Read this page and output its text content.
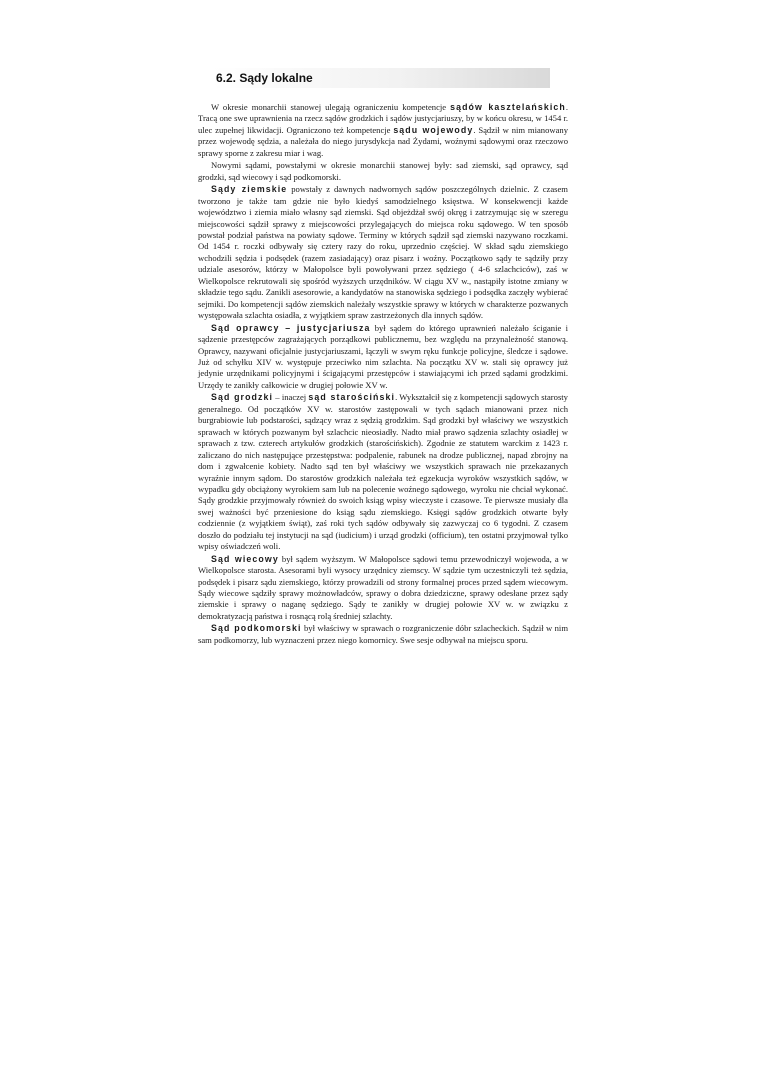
6.2. Sądy lokalne

W okresie monarchii stanowej ulegają ograniczeniu kompetencje sądów kasztelańskich. Tracą one swe uprawnienia na rzecz sądów grodzkich i sądów justycjariuszy, by w końcu okresu, w 1454 r. ulec zupełnej likwidacji. Ograniczono też kompetencje sądu wojewody. Sądził w nim mianowany przez wojewodę sędzia, a należała do niego jurysdykcja nad Żydami, woźnymi sądowymi oraz rzeczowo sprawy sporne z zakresu miar i wag.

Nowymi sądami, powstałymi w okresie monarchii stanowej były: sad ziemski, sąd oprawcy, sąd grodzki, sąd wiecowy i sąd podkomorski.

Sądy ziemskie powstały z dawnych nadwornych sądów poszczególnych dzielnic. Z czasem tworzono je także tam gdzie nie było kiedyś samodzielnego księstwa. W konsekwencji każde województwo i ziemia miało własny sąd ziemski. Sąd objeżdżał swój okręg i zatrzymując się w szeregu miejscowości sądził sprawy z miejscowości przylegających do miejsca roku sądowego. W ten sposób powstał podział państwa na powiaty sądowe. Terminy w których sądził sąd ziemski nazywano roczkami. Od 1454 r. roczki odbywały się cztery razy do roku, uprzednio częściej. W skład sądu ziemskiego wchodzili sędzia i podsędek (razem zasiadający) oraz pisarz i woźny. Początkowo sądy te sądziły przy udziale asesorów, którzy w Małopolsce byli powoływani przez sędziego ( 4-6 szlachciców), zaś w Wielkopolsce rekrutowali się spośród wyższych urzędników. W ciągu XV w., nastąpiły istotne zmiany w składzie tego sądu. Zanikli asesorowie, a kandydatów na stanowiska sędziego i podsędka zaczęły wybierać sejmiki. Do kompetencji sądów ziemskich należały wszystkie sprawy w których w charakterze pozwanych występowała szlachta osiadła, z wyjątkiem spraw zastrzeżonych dla innych sądów.

Sąd oprawcy – justycjariusza był sądem do którego uprawnień należało ściganie i sądzenie przestępców zagrażających porządkowi publicznemu, bez względu na przynależność stanową. Oprawcy, nazywani oficjalnie justycjariuszami, łączyli w swym ręku funkcje policyjne, śledcze i sądowe. Już od schyłku XIV w. występuje przeciwko nim szlachta. Na początku XV w. stali się oprawcy już jedynie urzędnikami policyjnymi i ścigającymi przestępców i stawiającymi ich przed sądami grodzkimi. Urzędy te zanikły całkowicie w drugiej połowie XV w.

Sąd grodzki – inaczej sąd starościński. Wykształcił się z kompetencji sądowych starosty generalnego. Od początków XV w. starostów zastępowali w tych sądach mianowani przez nich burgrabiowie lub podstarości, sądzący wraz z sędzią grodzkim. Sąd grodzki był właściwy we wszystkich sprawach w których pozwanym był szlachcic nieosiadły. Nadto miał prawo sądzenia szlachty osiadłej w sprawach z tzw. czterech artykułów grodzkich (starościńskich). Zgodnie ze statutem warckim z 1423 r. zaliczano do nich następujące przestępstwa: podpalenie, rabunek na drodze publicznej, napad zbrojny na dom i zgwałcenie kobiety. Nadto sąd ten był właściwy we wszystkich sprawach nie przekazanych wyraźnie innym sądom. Do starostów grodzkich należała też egzekucja wyroków wszystkich sądów, w wypadku gdy obciążony wyrokiem sam lub na polecenie woźnego sądowego, wyroku nie chciał wykonać. Sądy grodzkie przyjmowały również do swoich ksiąg wpisy wieczyste i czasowe. Te pierwsze musiały dla swej ważności być przeniesione do ksiąg sądu ziemskiego. Księgi sądów grodzkich otwarte były codziennie (z wyjątkiem świąt), zaś roki tych sądów odbywały się zazwyczaj co 6 tygodni. Z czasem doszło do podziału tej instytucji na sąd (iudicium) i urząd grodzki (officium), ten ostatni przyjmował tylko wpisy oświadczeń woli.

Sąd wiecowy był sądem wyższym. W Małopolsce sądowi temu przewodniczył wojewoda, a w Wielkopolsce starosta. Asesorami byli wysocy urzędnicy ziemscy. W sądzie tym uczestniczyli też sędzia, podsędek i pisarz sądu ziemskiego, którzy prowadzili od strony formalnej proces przed sądem wiecowym. Sądy wiecowe sądziły sprawy możnowładców, sprawy o dobra dziedziczne, sprawy odesłane przez sądy ziemskie i sprawy o naganę sędziego. Sądy te zanikły w drugiej połowie XV w. w związku z demokratyzacją państwa i rosnącą rolą średniej szlachty.

Sąd podkomorski był właściwy w sprawach o rozgraniczenie dóbr szlacheckich. Sądził w nim sam podkomorzy, lub wyznaczeni przez niego komornicy. Swe sesje odbywał na miejscu sporu.
